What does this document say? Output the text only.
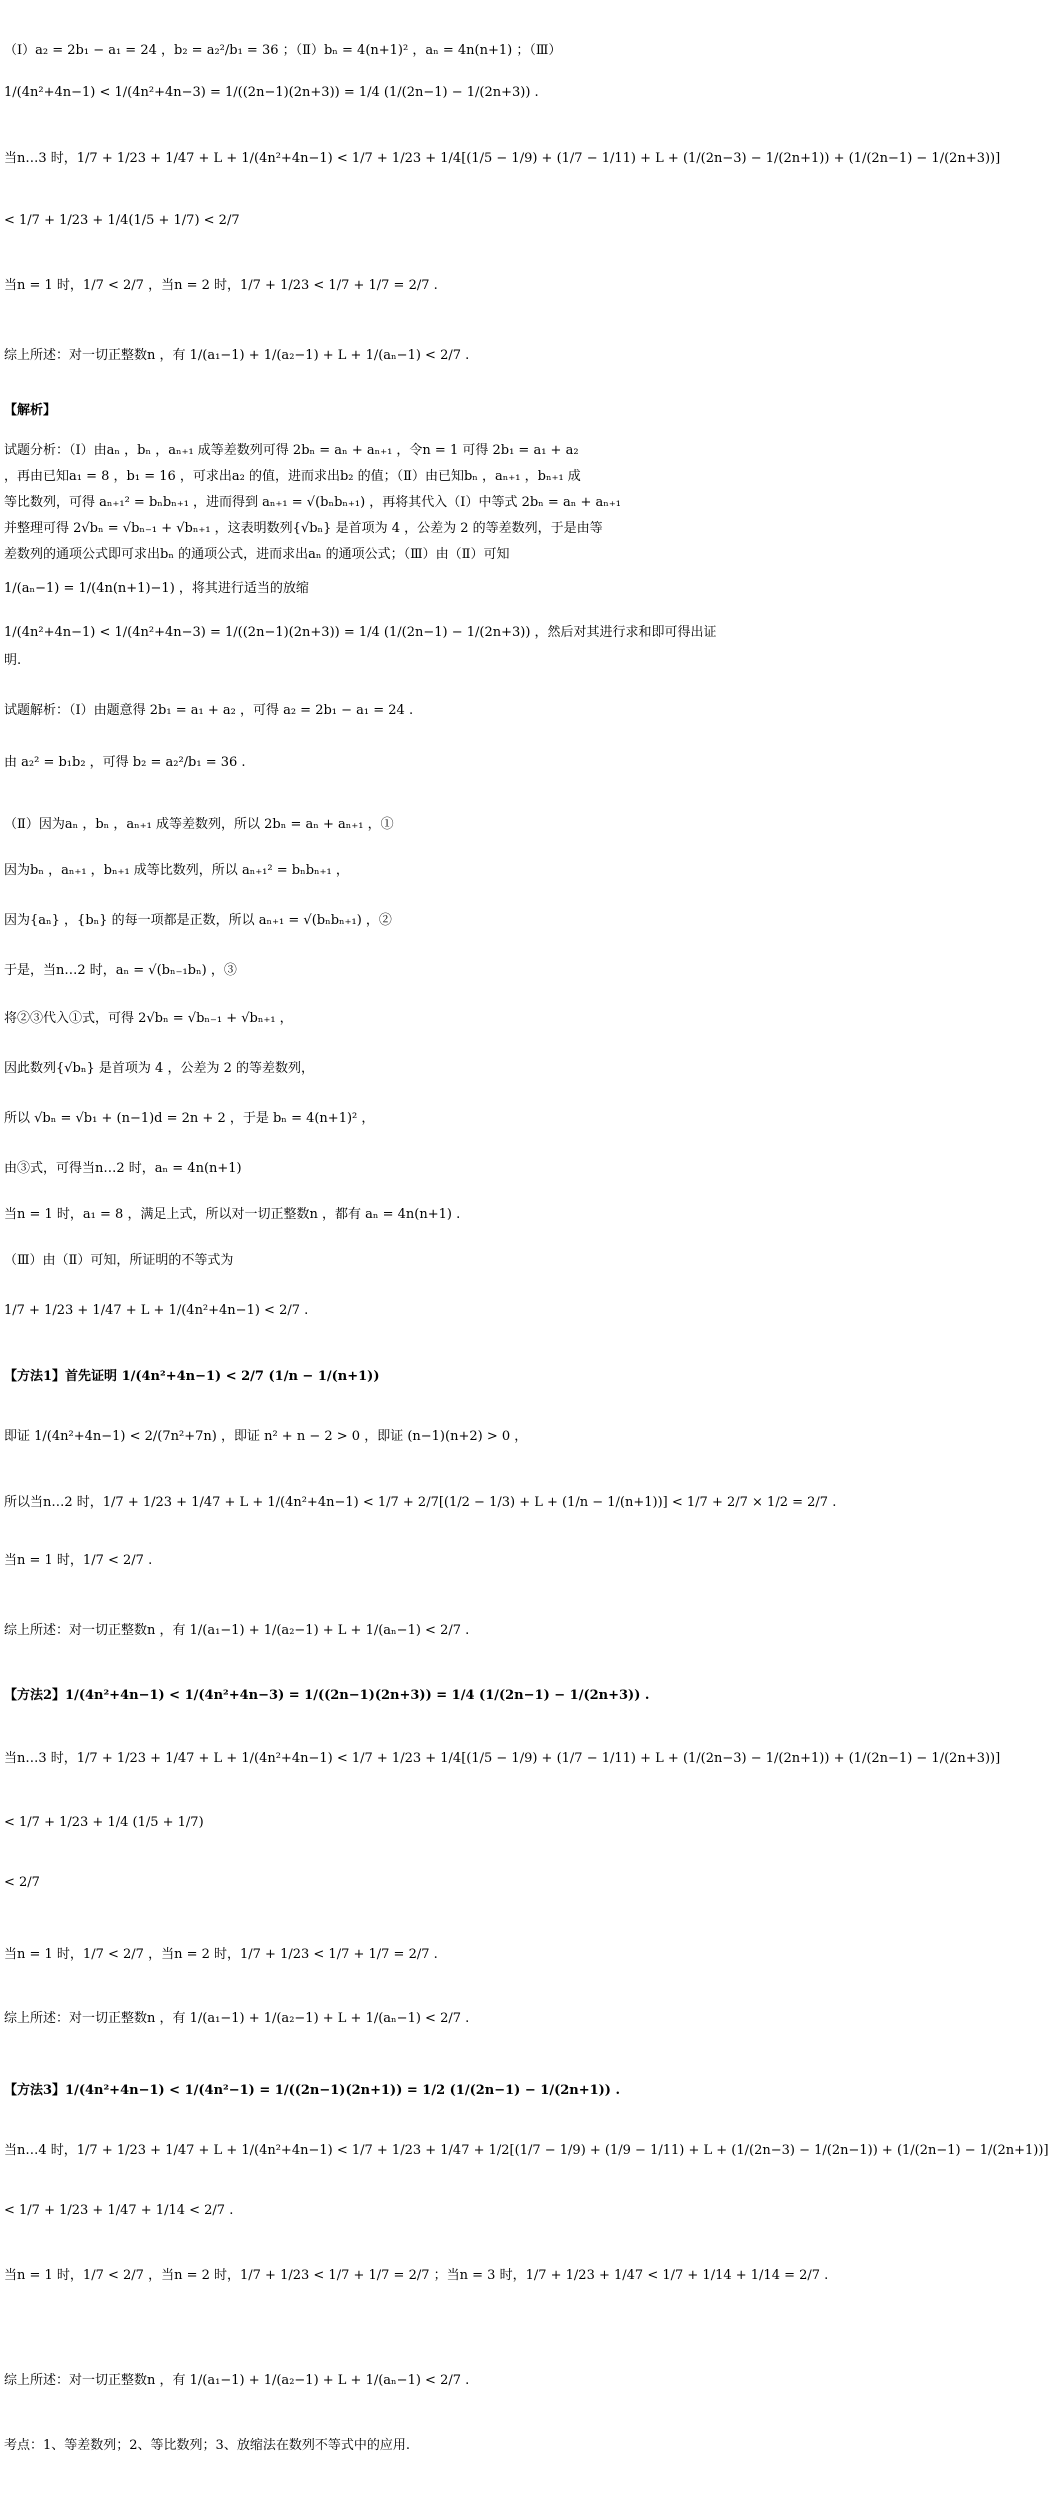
（Ⅰ）a₂ = 2b₁ − a₁ = 24 ，b₂ = a₂²/b₁ = 36 ；（Ⅱ）bₙ = 4(n+1)² ，aₙ = 4n(n+1) ；（Ⅲ）
1/(4n²+4n−1) < 1/(4n²+4n−3) = 1/((2n−1)(2n+3)) = 1/4 (1/(2n−1) − 1/(2n+3)) .
当n…3 时，1/7 + 1/23 + 1/47 + L + 1/(4n²+4n−1) < 1/7 + 1/23 + 1/4[(1/5 − 1/9) + (1/7 − 1/11) + L + (1/(2n−3) − 1/(2n+1)) + (1/(2n−1) − 1/(2n+3))]
< 1/7 + 1/23 + 1/4(1/5 + 1/7) < 2/7
当n = 1 时，1/7 < 2/7 ，当n = 2 时，1/7 + 1/23 < 1/7 + 1/7 = 2/7 .
综上所述：对一切正整数n ，有 1/(a₁−1) + 1/(a₂−1) + L + 1/(aₙ−1) < 2/7 .
【解析】
试题分析：（Ⅰ）由aₙ ，bₙ ，aₙ₊₁ 成等差数列可得 2bₙ = aₙ + aₙ₊₁ ，令n = 1 可得 2b₁ = a₁ + a₂
，再由已知a₁ = 8 ，b₁ = 16 ，可求出a₂ 的值，进而求出b₂ 的值；（Ⅱ）由已知bₙ ，aₙ₊₁ ，bₙ₊₁ 成
等比数列，可得 aₙ₊₁² = bₙbₙ₊₁ ，进而得到 aₙ₊₁ = √(bₙbₙ₊₁) ，再将其代入（Ⅰ）中等式 2bₙ = aₙ + aₙ₊₁
并整理可得 2√bₙ = √bₙ₋₁ + √bₙ₊₁ ，这表明数列{√bₙ} 是首项为 4 ，公差为 2 的等差数列，于是由等
差数列的通项公式即可求出bₙ 的通项公式，进而求出aₙ 的通项公式；（Ⅲ）由（Ⅱ）可知
1/(aₙ−1) = 1/(4n(n+1)−1) ，将其进行适当的放缩
1/(4n²+4n−1) < 1/(4n²+4n−3) = 1/((2n−1)(2n+3)) = 1/4 (1/(2n−1) − 1/(2n+3)) ，然后对其进行求和即可得出证
明.
试题解析：（Ⅰ）由题意得 2b₁ = a₁ + a₂ ，可得 a₂ = 2b₁ − a₁ = 24 .
由 a₂² = b₁b₂ ，可得 b₂ = a₂²/b₁ = 36 .
（Ⅱ）因为aₙ ，bₙ ，aₙ₊₁ 成等差数列，所以 2bₙ = aₙ + aₙ₊₁ ，①
因为bₙ ，aₙ₊₁ ，bₙ₊₁ 成等比数列，所以 aₙ₊₁² = bₙbₙ₊₁ ，
因为{aₙ} ，{bₙ} 的每一项都是正数，所以 aₙ₊₁ = √(bₙbₙ₊₁) ，②
于是，当n…2 时，aₙ = √(bₙ₋₁bₙ) ，③
将②③代入①式，可得 2√bₙ = √bₙ₋₁ + √bₙ₊₁ ，
因此数列{√bₙ} 是首项为 4 ，公差为 2 的等差数列，
所以 √bₙ = √b₁ + (n−1)d = 2n + 2 ，于是 bₙ = 4(n+1)² ，
由③式，可得当n…2 时，aₙ = 4n(n+1)
当n = 1 时，a₁ = 8 ，满足上式，所以对一切正整数n ，都有 aₙ = 4n(n+1) .
（Ⅲ）由（Ⅱ）可知，所证明的不等式为
1/7 + 1/23 + 1/47 + L + 1/(4n²+4n−1) < 2/7 .
【方法1】首先证明 1/(4n²+4n−1) < 2/7 (1/n − 1/(n+1))
即证 1/(4n²+4n−1) < 2/(7n²+7n) ，即证 n² + n − 2 > 0 ，即证 (n−1)(n+2) > 0 ，
所以当n…2 时，1/7 + 1/23 + 1/47 + L + 1/(4n²+4n−1) < 1/7 + 2/7[(1/2 − 1/3) + L + (1/n − 1/(n+1))] < 1/7 + 2/7 × 1/2 = 2/7 .
当n = 1 时，1/7 < 2/7 .
综上所述：对一切正整数n ，有 1/(a₁−1) + 1/(a₂−1) + L + 1/(aₙ−1) < 2/7 .
【方法2】1/(4n²+4n−1) < 1/(4n²+4n−3) = 1/((2n−1)(2n+3)) = 1/4 (1/(2n−1) − 1/(2n+3)) .
当n…3 时，1/7 + 1/23 + 1/47 + L + 1/(4n²+4n−1) < 1/7 + 1/23 + 1/4[(1/5 − 1/9) + (1/7 − 1/11) + L + (1/(2n−3) − 1/(2n+1)) + (1/(2n−1) − 1/(2n+3))]
< 1/7 + 1/23 + 1/4 (1/5 + 1/7)
< 2/7
当n = 1 时，1/7 < 2/7 ，当n = 2 时，1/7 + 1/23 < 1/7 + 1/7 = 2/7 .
综上所述：对一切正整数n ，有 1/(a₁−1) + 1/(a₂−1) + L + 1/(aₙ−1) < 2/7 .
【方法3】1/(4n²+4n−1) < 1/(4n²−1) = 1/((2n−1)(2n+1)) = 1/2 (1/(2n−1) − 1/(2n+1)) .
当n…4 时，1/7 + 1/23 + 1/47 + L + 1/(4n²+4n−1) < 1/7 + 1/23 + 1/47 + 1/2[(1/7 − 1/9) + (1/9 − 1/11) + L + (1/(2n−3) − 1/(2n−1)) + (1/(2n−1) − 1/(2n+1))]
< 1/7 + 1/23 + 1/47 + 1/14 < 2/7 .
当n = 1 时，1/7 < 2/7 ，当n = 2 时，1/7 + 1/23 < 1/7 + 1/7 = 2/7 ；当n = 3 时，1/7 + 1/23 + 1/47 < 1/7 + 1/14 + 1/14 = 2/7 .
综上所述：对一切正整数n ，有 1/(a₁−1) + 1/(a₂−1) + L + 1/(aₙ−1) < 2/7 .
考点：1、等差数列；2、等比数列；3、放缩法在数列不等式中的应用.
